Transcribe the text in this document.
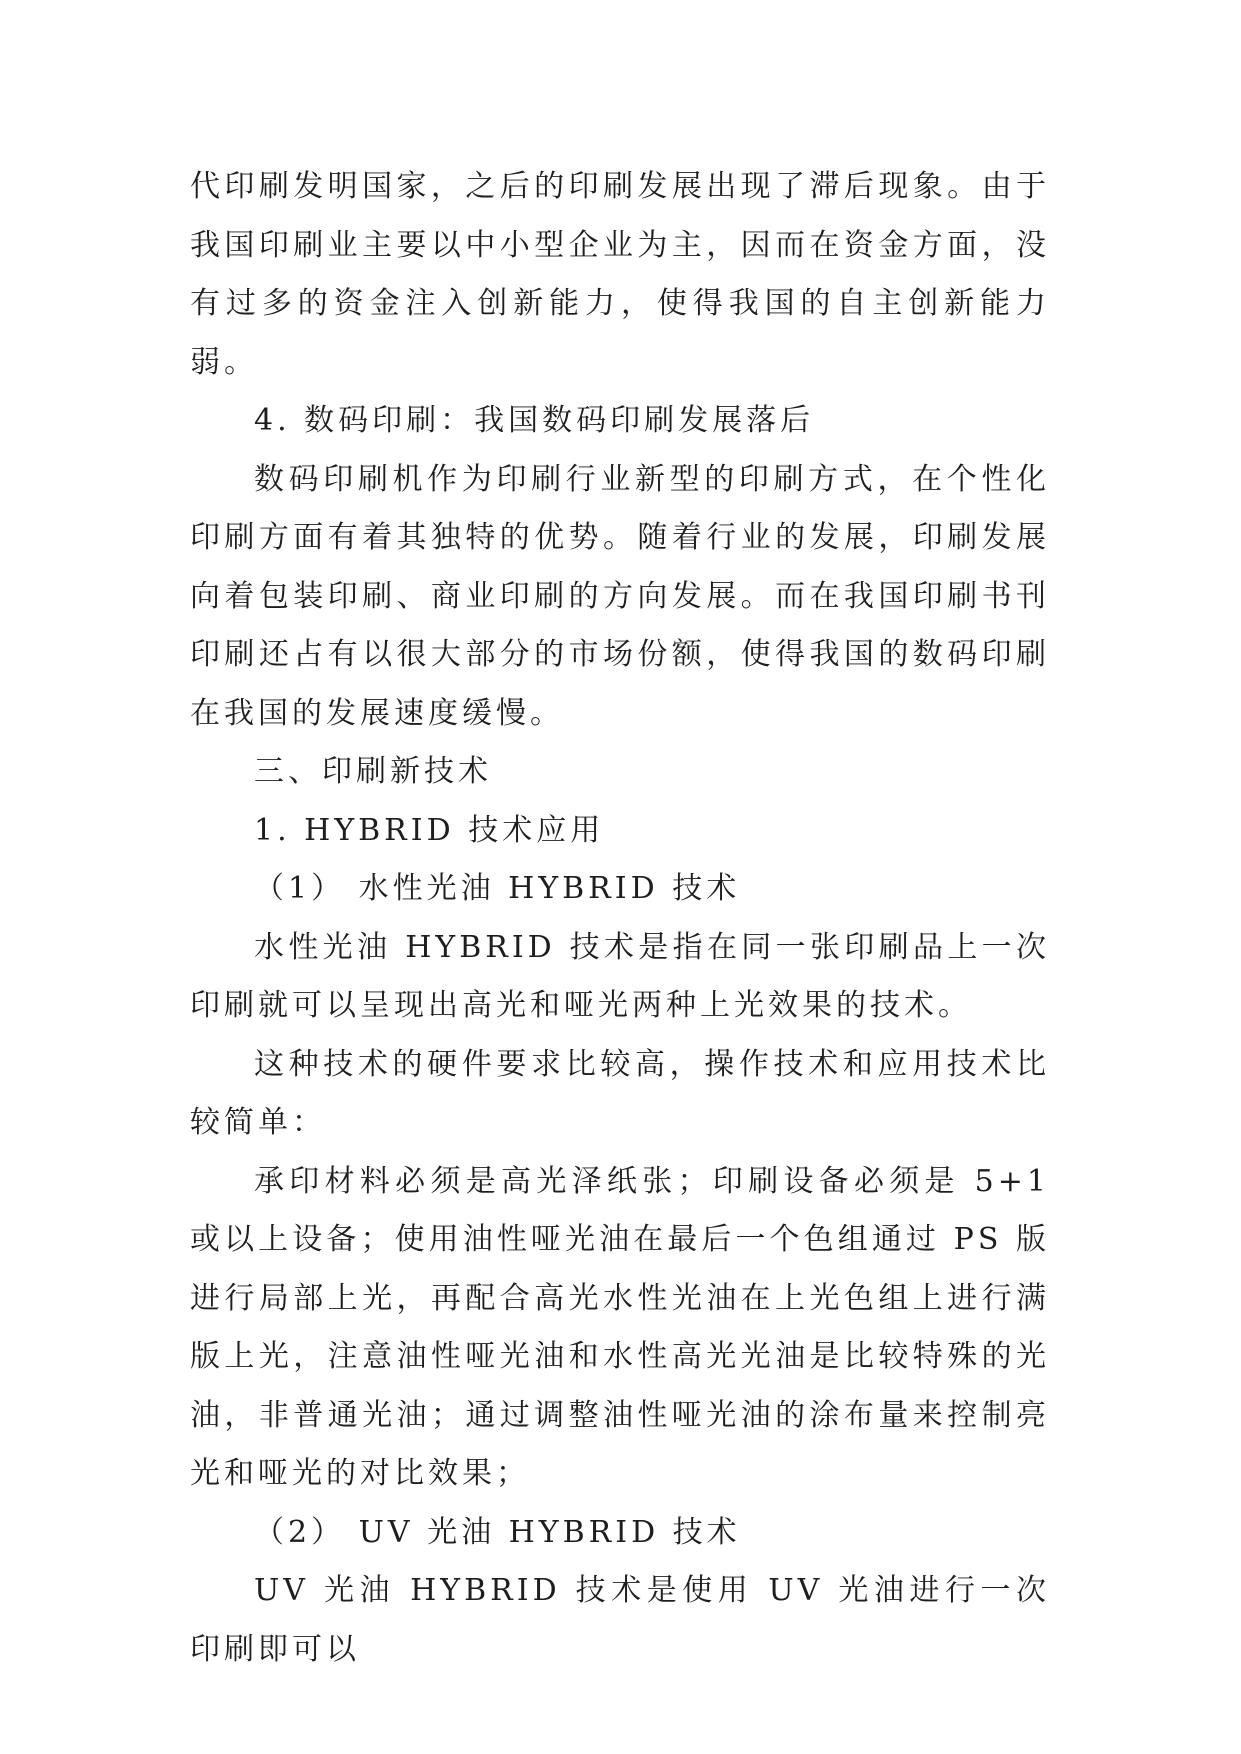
代印刷发明国家，之后的印刷发展出现了滞后现象。由于我国印刷业主要以中小型企业为主，因而在资金方面，没有过多的资金注入创新能力，使得我国的自主创新能力弱。

4. 数码印刷：我国数码印刷发展落后

数码印刷机作为印刷行业新型的印刷方式，在个性化印刷方面有着其独特的优势。随着行业的发展，印刷发展向着包装印刷、商业印刷的方向发展。而在我国印刷书刊印刷还占有以很大部分的市场份额，使得我国的数码印刷在我国的发展速度缓慢。

三、印刷新技术

1. HYBRID 技术应用

（1） 水性光油 HYBRID 技术

水性光油 HYBRID 技术是指在同一张印刷品上一次印刷就可以呈现出高光和哑光两种上光效果的技术。

这种技术的硬件要求比较高，操作技术和应用技术比较简单：

承印材料必须是高光泽纸张；印刷设备必须是 5+1 或以上设备；使用油性哑光油在最后一个色组通过 PS 版进行局部上光，再配合高光水性光油在上光色组上进行满版上光，注意油性哑光油和水性高光光油是比较特殊的光油，非普通光油；通过调整油性哑光油的涂布量来控制亮光和哑光的对比效果；

（2） UV 光油 HYBRID 技术

UV 光油 HYBRID 技术是使用 UV 光油进行一次印刷即可以
